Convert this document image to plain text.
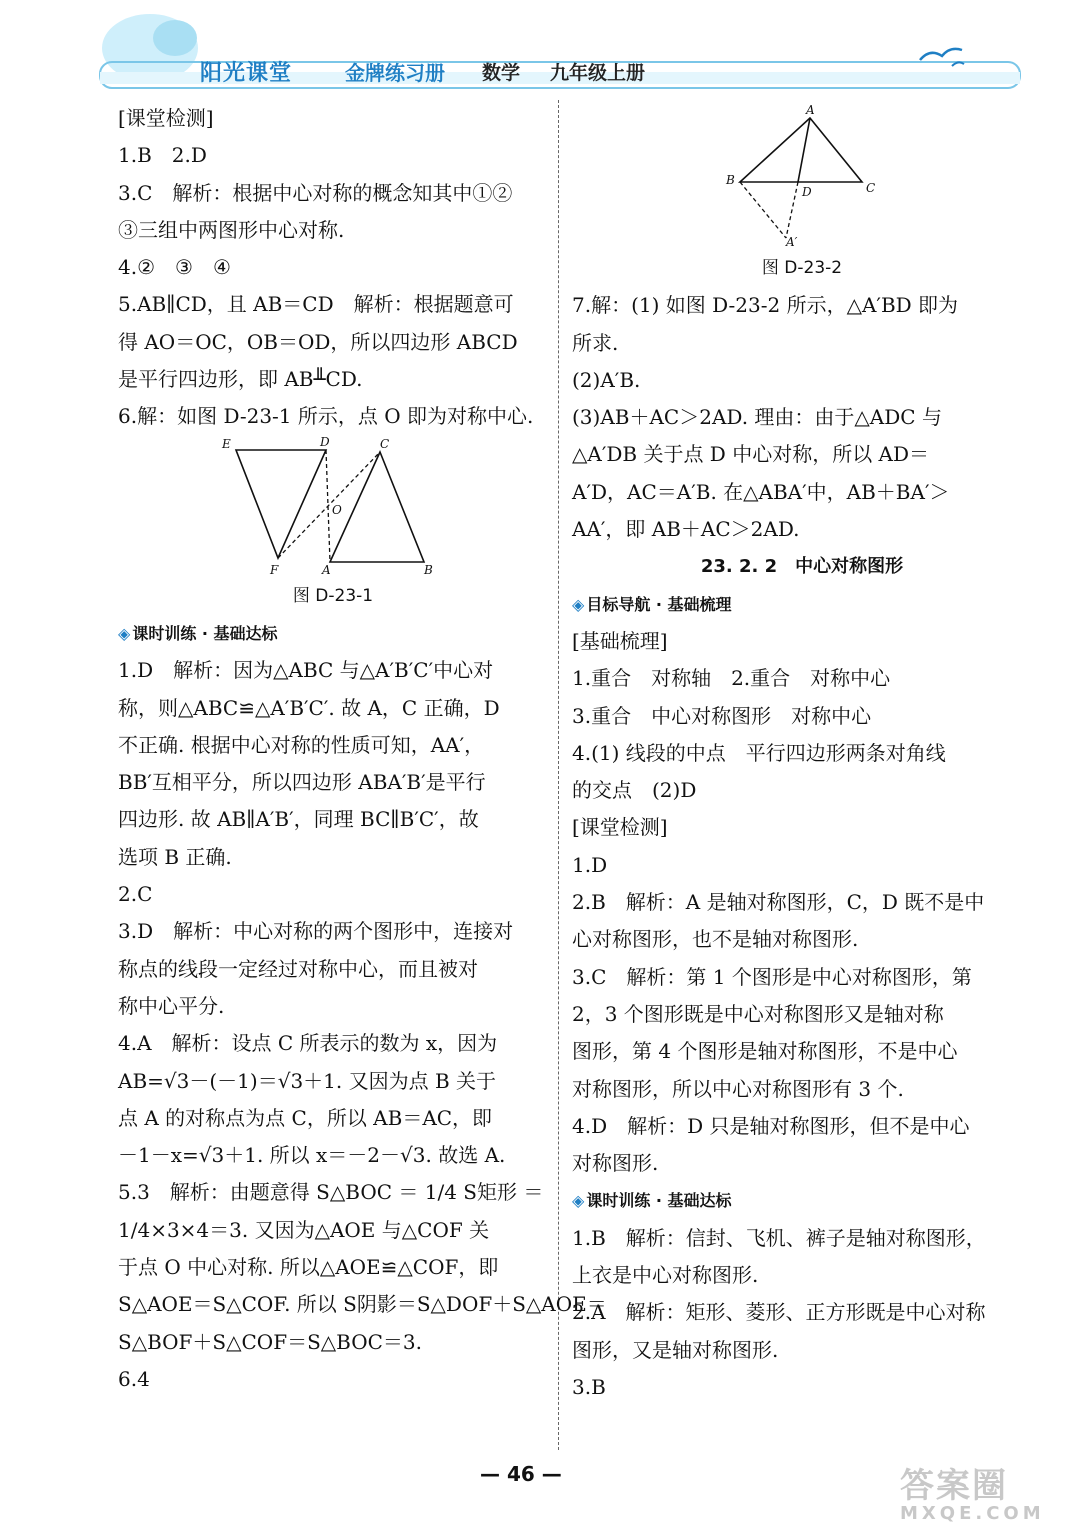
阳光课堂	金牌练习册 数学 九年级上册
[课堂检测]
1.B　2.D
3.C　解析：根据中心对称的概念知其中①②
③三组中两图形中心对称.
4.②　③　④
5.AB∥CD，且 AB＝CD　解析：根据题意可
得 AO＝OC，OB＝OD，所以四边形 ABCD
是平行四边形，即 AB╨CD.
6.解：如图 D-23-1 所示，点 O 即为对称中心.
E	D	C
O
F	A	B
图 D-23-1
◈ 课时训练 · 基础达标
1.D　解析：因为△ABC 与△A′B′C′中心对
称，则△ABC≌△A′B′C′. 故 A，C 正确，D
不正确. 根据中心对称的性质可知，AA′，
BB′互相平分，所以四边形 ABA′B′是平行
四边形. 故 AB∥A′B′，同理 BC∥B′C′，故
选项 B 正确.
2.C
3.D　解析：中心对称的两个图形中，连接对
称点的线段一定经过对称中心，而且被对
称中心平分.
4.A　解析：设点 C 所表示的数为 x，因为
AB=√3－(－1)＝√3＋1. 又因为点 B 关于
点 A 的对称点为点 C，所以 AB＝AC，即
－1－x=√3＋1. 所以 x＝－2－√3. 故选 A.
5.3　解析：由题意得 S△BOC ＝ 1/4 S矩形 ＝
1/4×3×4＝3. 又因为△AOE 与△COF 关
于点 O 中心对称. 所以△AOE≌△COF，即
S△AOE＝S△COF. 所以 S阴影＝S△DOF＋S△AOE＝
S△BOF＋S△COF＝S△BOC＝3.
6.4
A
B
D	C
A′
图 D-23-2
7.解：(1) 如图 D-23-2 所示，△A′BD 即为
所求.
(2)A′B.
(3)AB＋AC＞2AD. 理由：由于△ADC 与
△A′DB 关于点 D 中心对称，所以 AD＝
A′D，AC＝A′B. 在△ABA′中，AB＋BA′＞
AA′，即 AB＋AC＞2AD.
23. 2. 2　中心对称图形
◈ 目标导航 · 基础梳理
[基础梳理]
1.重合　对称轴　2.重合　对称中心
3.重合　中心对称图形　对称中心
4.(1) 线段的中点　平行四边形两条对角线
的交点　(2)D
[课堂检测]
1.D
2.B　解析：A 是轴对称图形，C，D 既不是中
心对称图形，也不是轴对称图形.
3.C　解析：第 1 个图形是中心对称图形，第
2，3 个图形既是中心对称图形又是轴对称
图形，第 4 个图形是轴对称图形，不是中心
对称图形，所以中心对称图形有 3 个.
4.D　解析：D 只是轴对称图形，但不是中心
对称图形.
◈ 课时训练 · 基础达标
1.B　解析：信封、飞机、裤子是轴对称图形，
上衣是中心对称图形.
2.A　解析：矩形、菱形、正方形既是中心对称
图形，又是轴对称图形.
3.B
— 46 —	答案圈
MXQE.COM
